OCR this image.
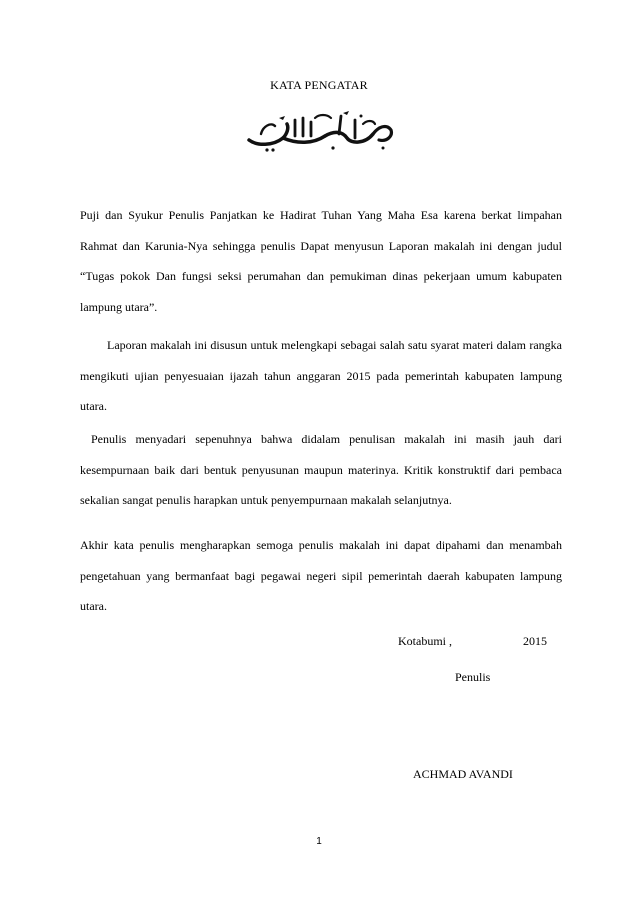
KATA PENGATAR

Puji dan Syukur Penulis Panjatkan ke Hadirat Tuhan Yang Maha Esa karena berkat limpahan Rahmat dan Karunia-Nya sehingga penulis Dapat menyusun Laporan makalah ini dengan judul “Tugas pokok Dan fungsi seksi perumahan dan pemukiman dinas pekerjaan umum kabupaten lampung utara”.

Laporan makalah ini disusun untuk melengkapi sebagai salah satu syarat materi dalam rangka mengikuti ujian penyesuaian ijazah tahun anggaran 2015 pada pemerintah kabupaten lampung utara.

Penulis menyadari sepenuhnya bahwa didalam penulisan makalah ini masih jauh dari kesempurnaan baik dari bentuk penyusunan maupun materinya. Kritik konstruktif dari pembaca sekalian sangat penulis harapkan untuk penyempurnaan makalah selanjutnya.

Akhir kata penulis mengharapkan semoga penulis makalah ini dapat dipahami dan menambah pengetahuan yang bermanfaat bagi pegawai negeri sipil pemerintah daerah kabupaten lampung utara.

Kotabumi ,	2015
Penulis
ACHMAD AVANDI
1
